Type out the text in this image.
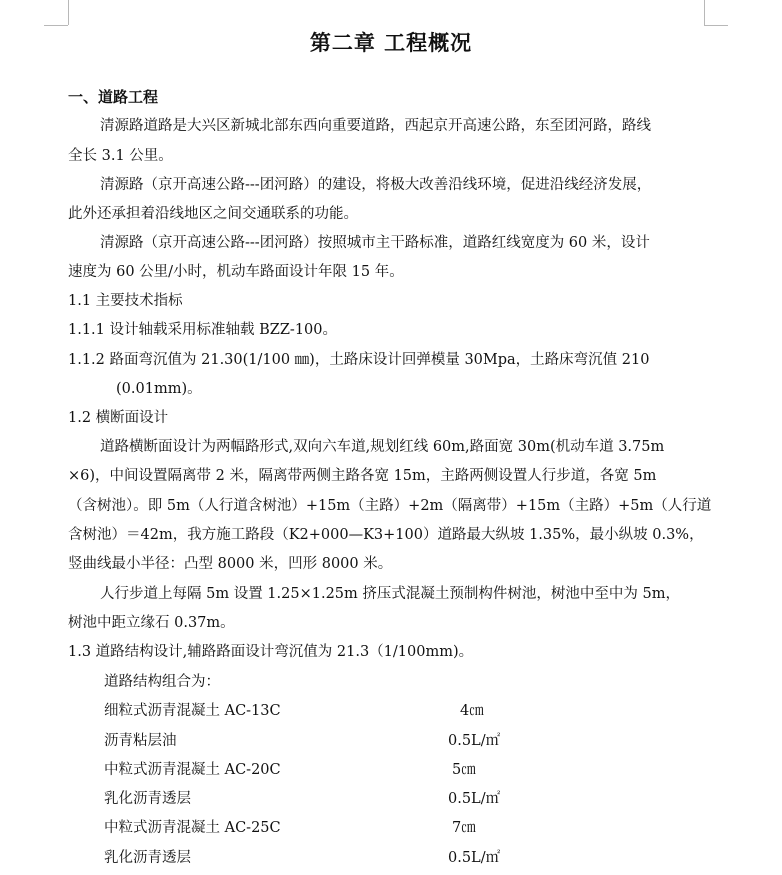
第二章 工程概况
一、道路工程
清源路道路是大兴区新城北部东西向重要道路，西起京开高速公路，东至团河路，路线
全长 3.1 公里。
清源路（京开高速公路---团河路）的建设，将极大改善沿线环境，促进沿线经济发展，
此外还承担着沿线地区之间交通联系的功能。
清源路（京开高速公路---团河路）按照城市主干路标准，道路红线宽度为 60 米，设计
速度为 60 公里/小时，机动车路面设计年限 15 年。
1.1 主要技术指标
1.1.1 设计轴载采用标准轴载 BZZ-100。
1.1.2 路面弯沉值为 21.30(1/100 ㎜)，土路床设计回弹模量 30Mpa，土路床弯沉值 210
(0.01mm)。
1.2 横断面设计
道路横断面设计为两幅路形式,双向六车道,规划红线 60m,路面宽 30m(机动车道 3.75m
×6)，中间设置隔离带 2 米，隔离带两侧主路各宽 15m，主路两侧设置人行步道，各宽 5m
（含树池）。即 5m（人行道含树池）+15m（主路）+2m（隔离带）+15m（主路）+5m（人行道
含树池）＝42m，我方施工路段（K2+000—K3+100）道路最大纵坡 1.35%，最小纵坡 0.3%，
竖曲线最小半径：凸型 8000 米，凹形 8000 米。
人行步道上每隔 5m 设置 1.25×1.25m 挤压式混凝土预制构件树池，树池中至中为 5m，
树池中距立缘石 0.37m。
1.3 道路结构设计,辅路路面设计弯沉值为 21.3（1/100mm)。
道路结构组合为：
细粒式沥青混凝土 AC-13C	4㎝
沥青粘层油	0.5L/㎡
中粒式沥青混凝土 AC-20C	5㎝
乳化沥青透层	0.5L/㎡
中粒式沥青混凝土 AC-25C	7㎝
乳化沥青透层	0.5L/㎡
